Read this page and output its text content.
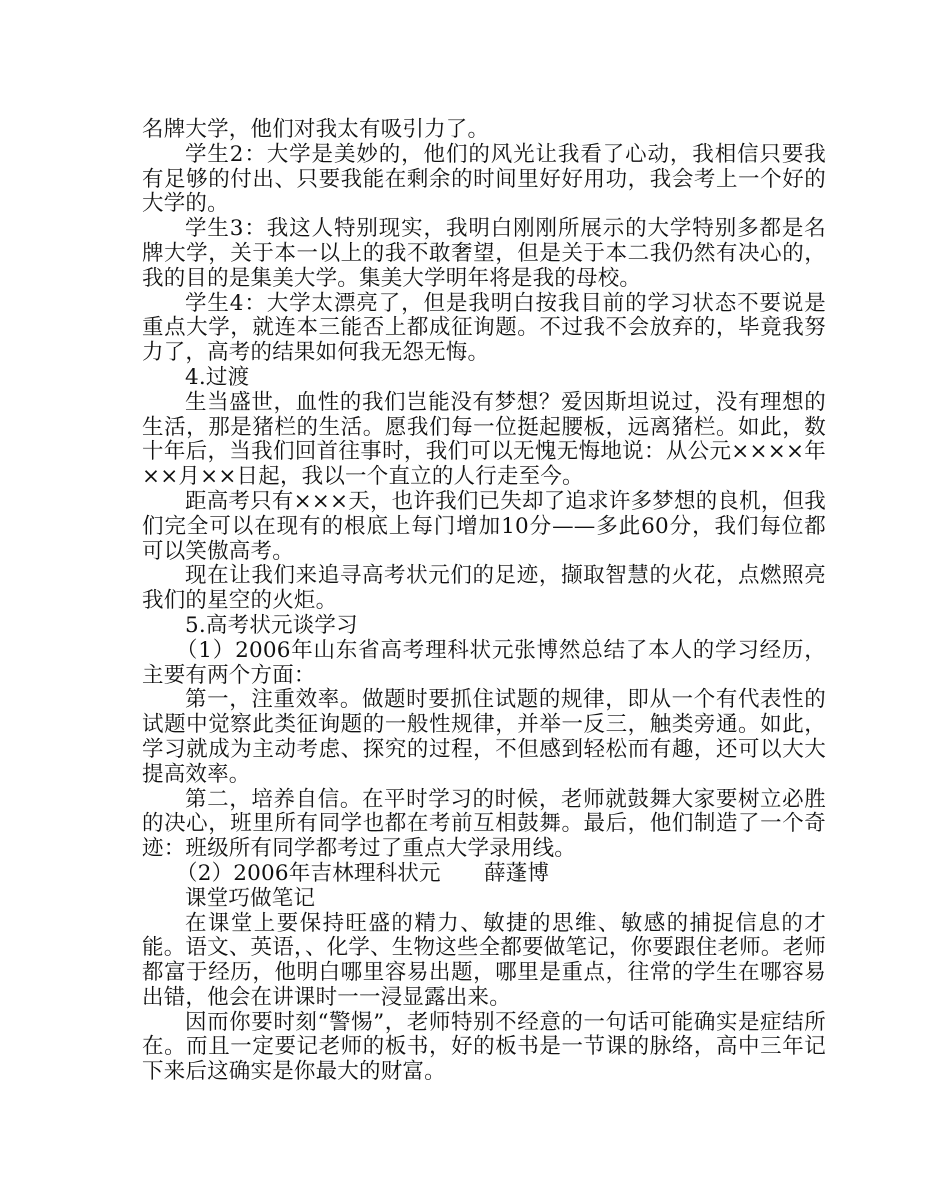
名牌大学，他们对我太有吸引力了。

学生2：大学是美妙的，他们的风光让我看了心动，我相信只要我有足够的付出、只要我能在剩余的时间里好好用功，我会考上一个好的大学的。

学生3：我这人特别现实，我明白刚刚所展示的大学特别多都是名牌大学，关于本一以上的我不敢奢望，但是关于本二我仍然有决心的，我的目的是集美大学。集美大学明年将是我的母校。

学生4：大学太漂亮了，但是我明白按我目前的学习状态不要说是重点大学，就连本三能否上都成征询题。不过我不会放弃的，毕竟我努力了，高考的结果如何我无怨无悔。

4.过渡

生当盛世，血性的我们岂能没有梦想？爱因斯坦说过，没有理想的生活，那是猪栏的生活。愿我们每一位挺起腰板，远离猪栏。如此，数十年后，当我们回首往事时，我们可以无愧无悔地说：从公元××××年××月××日起，我以一个直立的人行走至今。

距高考只有×××天，也许我们已失却了追求许多梦想的良机，但我们完全可以在现有的根底上每门增加10分——多此60分，我们每位都可以笑傲高考。

现在让我们来追寻高考状元们的足迹，撷取智慧的火花，点燃照亮我们的星空的火炬。

5.高考状元谈学习

（1）2006年山东省高考理科状元张博然总结了本人的学习经历，主要有两个方面：

第一，注重效率。做题时要抓住试题的规律，即从一个有代表性的试题中觉察此类征询题的一般性规律，并举一反三，触类旁通。如此，学习就成为主动考虑、探究的过程，不但感到轻松而有趣，还可以大大提高效率。

第二，培养自信。在平时学习的时候，老师就鼓舞大家要树立必胜的决心，班里所有同学也都在考前互相鼓舞。最后，他们制造了一个奇迹：班级所有同学都考过了重点大学录用线。

（2）2006年吉林理科状元　　薛蓬博

课堂巧做笔记

在课堂上要保持旺盛的精力、敏捷的思维、敏感的捕捉信息的才能。语文、英语，、化学、生物这些全都要做笔记，你要跟住老师。老师都富于经历，他明白哪里容易出题，哪里是重点，往常的学生在哪容易出错，他会在讲课时一一浸显露出来。

因而你要时刻“警惕”，老师特别不经意的一句话可能确实是症结所在。而且一定要记老师的板书，好的板书是一节课的脉络，高中三年记下来后这确实是你最大的财富。
